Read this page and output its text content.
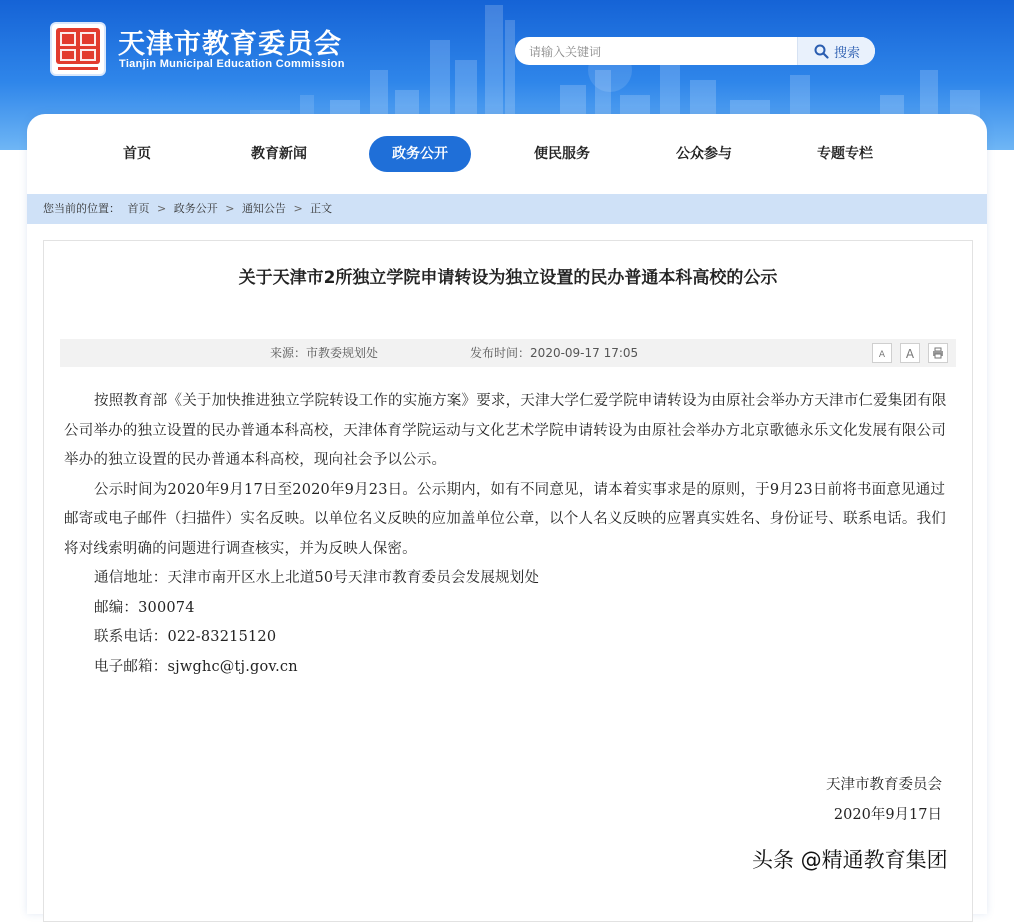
天津市教育委员会
Tianjin Municipal Education Commission
请输入关键词
搜索
首页	教育新闻	政务公开	便民服务	公众参与	专题专栏
您当前的位置： 首页 > 政务公开 > 通知公告 > 正文
关于天津市2所独立学院申请转设为独立设置的民办普通本科高校的公示
来源：市教委规划处	发布时间：2020-09-17 17:05	A	A

按照教育部《关于加快推进独立学院转设工作的实施方案》要求，天津大学仁爱学院申请转设为由原社会举办方天津市仁爱集团有限公司举办的独立设置的民办普通本科高校，天津体育学院运动与文化艺术学院申请转设为由原社会举办方北京歌德永乐文化发展有限公司举办的独立设置的民办普通本科高校，现向社会予以公示。

公示时间为2020年9月17日至2020年9月23日。公示期内，如有不同意见，请本着实事求是的原则，于9月23日前将书面意见通过邮寄或电子邮件（扫描件）实名反映。以单位名义反映的应加盖单位公章，以个人名义反映的应署真实姓名、身份证号、联系电话。我们将对线索明确的问题进行调查核实，并为反映人保密。

通信地址：天津市南开区水上北道50号天津市教育委员会发展规划处

邮编：300074

联系电话：022-83215120

电子邮箱：sjwghc@tj.gov.cn

天津市教育委员会
2020年9月17日
头条 @精通教育集团
